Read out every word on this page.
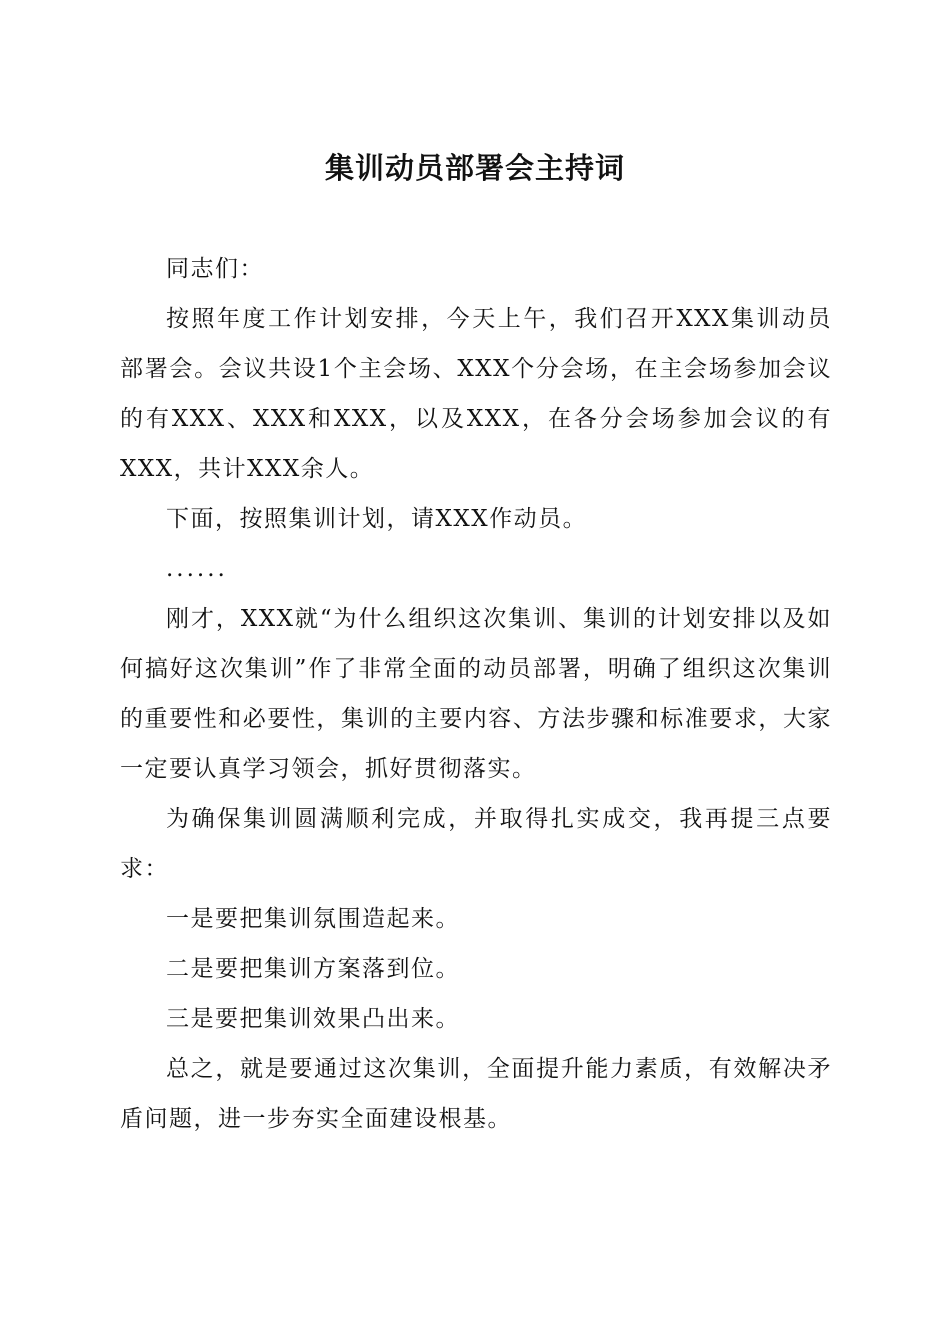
集训动员部署会主持词

同志们：

按照年度工作计划安排，今天上午，我们召开XXX集训动员部署会。会议共设1个主会场、XXX个分会场，在主会场参加会议的有XXX、XXX和XXX，以及XXX，在各分会场参加会议的有XXX，共计XXX余人。

下面，按照集训计划，请XXX作动员。

......

刚才，XXX就“为什么组织这次集训、集训的计划安排以及如何搞好这次集训”作了非常全面的动员部署，明确了组织这次集训的重要性和必要性，集训的主要内容、方法步骤和标准要求，大家一定要认真学习领会，抓好贯彻落实。

为确保集训圆满顺利完成，并取得扎实成交，我再提三点要求：

一是要把集训氛围造起来。

二是要把集训方案落到位。

三是要把集训效果凸出来。

总之，就是要通过这次集训，全面提升能力素质，有效解决矛盾问题，进一步夯实全面建设根基。
